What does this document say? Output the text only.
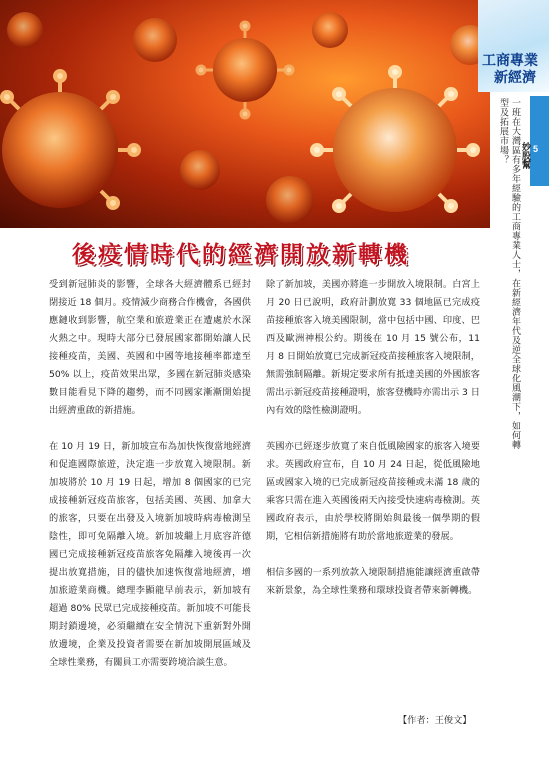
工商專業
新經濟
5
一班在大灣區有多年經驗的工商專業人士，在新經濟年代及逆全球化風潮下，如何轉型及拓展市場？	妙股幫
後疫情時代的經濟開放新轉機

受到新冠肺炎的影響，全球各大經濟體系已經封閉接近 18 個月。疫情減少商務合作機會，各國供應鏈收到影響，航空業和旅遊業正在遭處於水深火熱之中。現時大部分已發展國家都開始讓人民接種疫苗，美國、英國和中國等地接種率都達至 50% 以上，疫苗效果出眾，多國在新冠肺炎感染數目能看見下降的趨勢，而不同國家漸漸開始提出經濟重啟的新措施。

在 10 月 19 日，新加坡宣布為加快恢復當地經濟和促進國際旅遊，決定進一步放寬入境限制。新加坡將於 10 月 19 日起，增加 8 個國家的已完成接種新冠疫苗旅客，包括美國、英國、加拿大的旅客，只要在出發及入境新加坡時病毒檢測呈陰性，即可免隔離入境。新加坡繼上月底容許德國已完成接種新冠疫苗旅客免隔離入境後再一次提出放寬措施，目的儘快加速恢復當地經濟，增加旅遊業商機。總理李顯龍早前表示，新加坡有超過 80% 民眾已完成接種疫苗。新加坡不可能長期封鎖邊境，必須繼續在安全情況下重新對外開放邊境，企業及投資者需要在新加坡開展區域及全球性業務，有關員工亦需要跨境洽談生意。

除了新加坡，美國亦將進一步開放入境限制。白宮上月 20 日已說明，政府計劃放寬 33 個地區已完成疫苗接種旅客入境美國限制，當中包括中國、印度、巴西及歐洲神根公約。期後在 10 月 15 號公布，11 月 8 日開始放寬已完成新冠疫苗接種旅客入境限制，無需強制隔離。新規定要求所有抵達美國的外國旅客需出示新冠疫苗接種證明，旅客登機時亦需出示 3 日內有效的陰性檢測證明。

英國亦已經逐步放寬了來自低風險國家的旅客入境要求。英國政府宣布，自 10 月 24 日起，從低風險地區或國家入境的已完成新冠疫苗接種或未滿 18 歲的乘客只需在進入英國後兩天內接受快速病毒檢測。英國政府表示，由於學校將開始與最後一個學期的假期，它相信新措施將有助於當地旅遊業的發展。

相信多國的一系列放款入境限制措施能讓經濟重啟帶來新景象，為全球性業務和環球投資者帶來新轉機。

【作者：王俊文】
